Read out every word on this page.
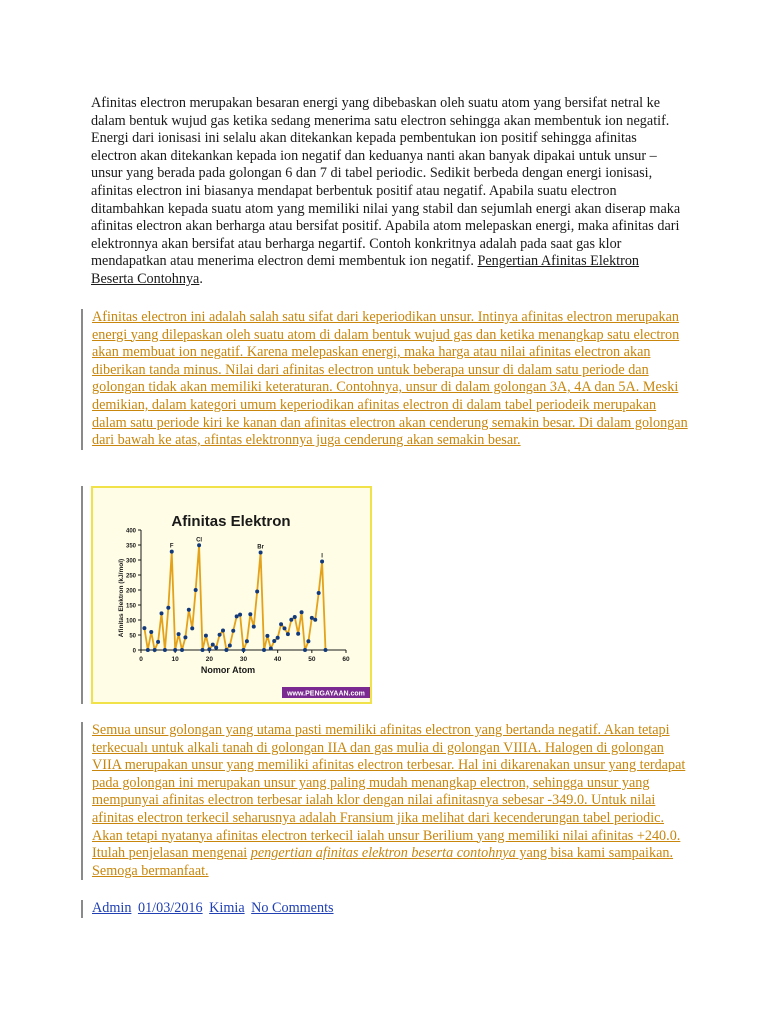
Afinitas electron merupakan besaran energi yang dibebaskan oleh suatu atom yang bersifat netral ke dalam bentuk wujud gas ketika sedang menerima satu electron sehingga akan membentuk ion negatif. Energi dari ionisasi ini selalu akan ditekankan kepada pembentukan ion positif sehingga afinitas electron akan ditekankan kepada ion negatif dan keduanya nanti akan banyak dipakai untuk unsur – unsur yang berada pada golongan 6 dan 7 di tabel periodic. Sedikit berbeda dengan energi ionisasi, afinitas electron ini biasanya mendapat berbentuk positif atau negatif. Apabila suatu electron ditambahkan kepada suatu atom yang memiliki nilai yang stabil dan sejumlah energi akan diserap maka afinitas electron akan berharga atau bersifat positif. Apabila atom melepaskan energi, maka afinitas dari elektronnya akan bersifat atau berharga negartif. Contoh konkritnya adalah pada saat gas klor mendapatkan atau menerima electron demi membentuk ion negatif. Pengertian Afinitas Elektron Beserta Contohnya.

Afinitas electron ini adalah salah satu sifat dari keperiodikan unsur. Intinya afinitas electron merupakan energi yang dilepaskan oleh suatu atom di dalam bentuk wujud gas dan ketika menangkap satu electron akan membuat ion negatif. Karena melepaskan energi, maka harga atau nilai afinitas electron akan diberikan tanda minus. Nilai dari afinitas electron untuk beberapa unsur di dalam satu periode dan golongan tidak akan memiliki keteraturan. Contohnya, unsur di dalam golongan 3A, 4A dan 5A. Meski demikian, dalam kategori umum keperiodikan afinitas electron di dalam tabel periodeik merupakan dalam satu periode kiri ke kanan dan afinitas electron akan cenderung semakin besar. Di dalam golongan dari bawah ke atas, afintas elektronnya juga cenderung akan semakin besar.
Afinitas Elektron
Afinitas Elektron (kJ/mol)
Nomor Atom
0
50
100
150
200
250
300
350
400
0	10	20	30	40	50	60
F
Cl
Br
I
www.PENGAYAAN.com
Semua unsur golongan yang utama pasti memiliki afinitas electron yang bertanda negatif. Akan tetapi terkecualı untuk alkali tanah di golongan IIA dan gas mulia di golongan VIIIA. Halogen di golongan VIIA merupakan unsur yang memiliki afinitas electron terbesar. Hal ini dikarenakan unsur yang terdapat pada golongan ini merupakan unsur yang paling mudah menangkap electron, sehingga unsur yang mempunyai afinitas electron terbesar ialah klor dengan nilai afinitasnya sebesar -349.0. Untuk nilai afinitas electron terkecil seharusnya adalah Fransium jika melihat dari kecenderungan tabel periodic. Akan tetapi nyatanya afinitas electron terkecil ialah unsur Berilium yang memiliki nilai afinitas +240.0. Itulah penjelasan mengenai pengertian afinitas elektron beserta contohnya yang bisa kami sampaikan. Semoga bermanfaat.
Admin 01/03/2016 Kimia No Comments
